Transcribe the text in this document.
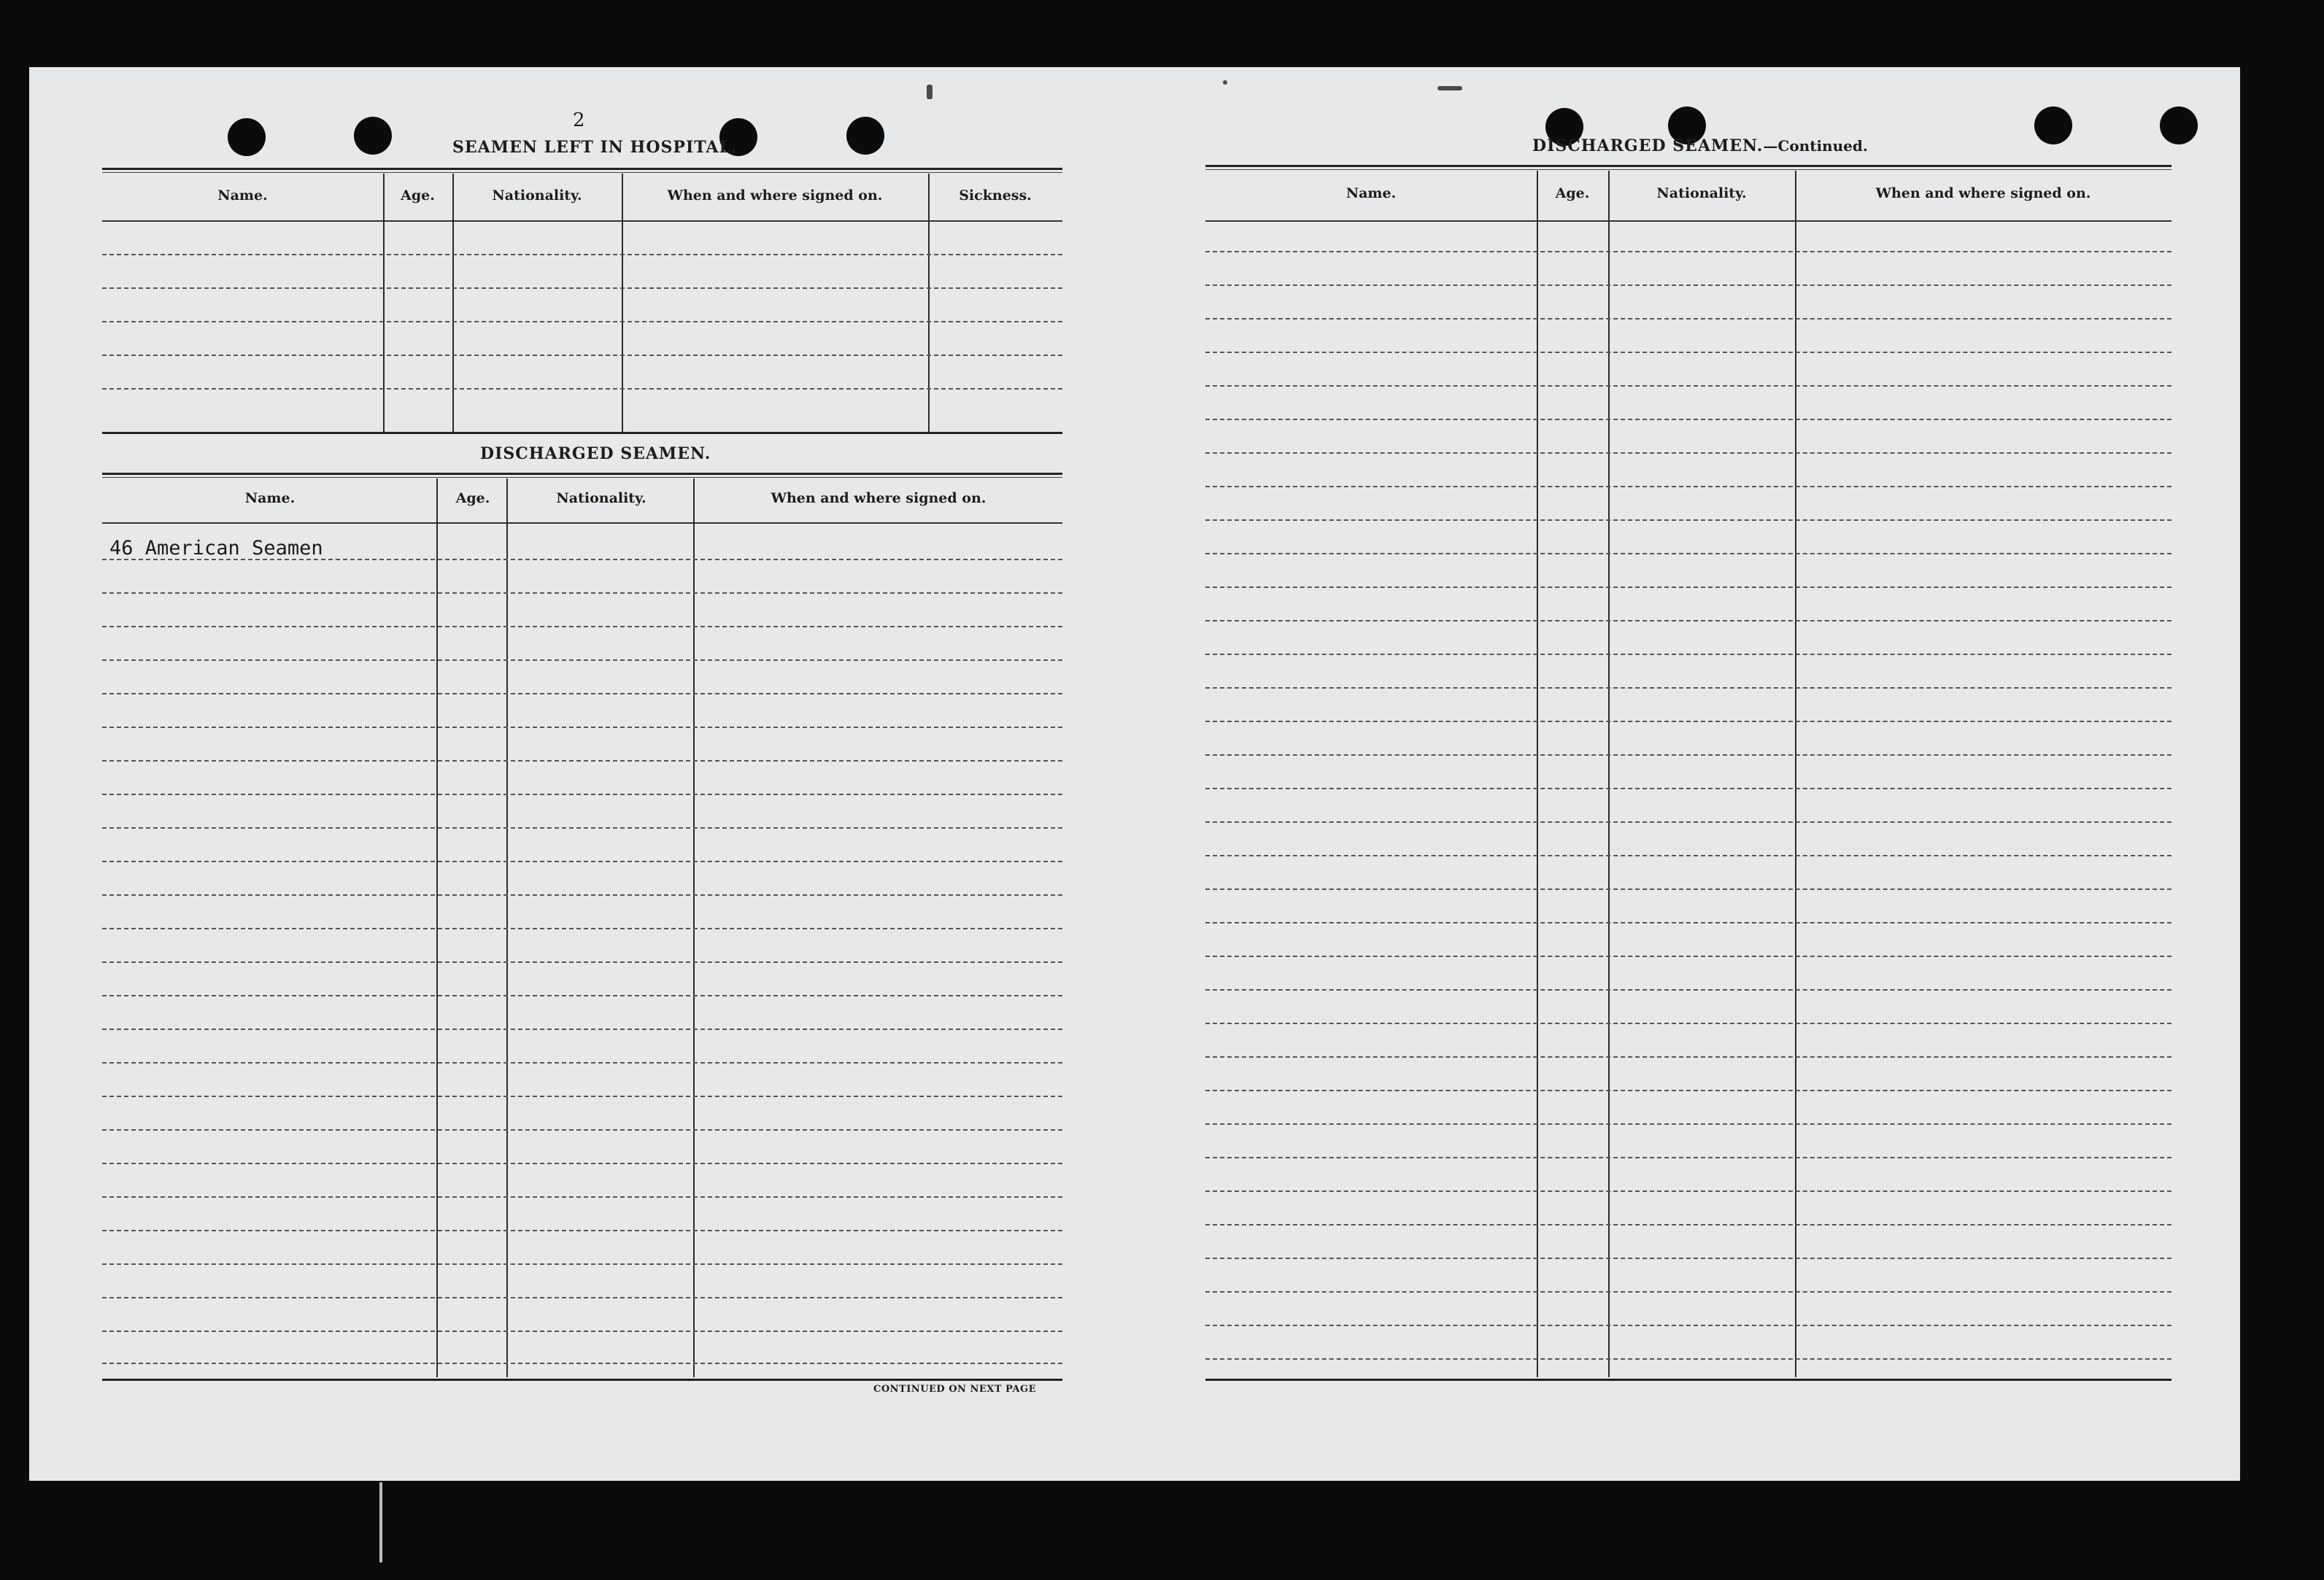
2
SEAMEN LEFT IN HOSPITAL.
Name.	Age.	Nationality.	When and where signed on.	Sickness.
DISCHARGED SEAMEN.
Name.	Age.	Nationality.	When and where signed on.
46 American Seamen
CONTINUED ON NEXT PAGE
DISCHARGED SEAMEN.—Continued.
Name.	Age.	Nationality.	When and where signed on.
